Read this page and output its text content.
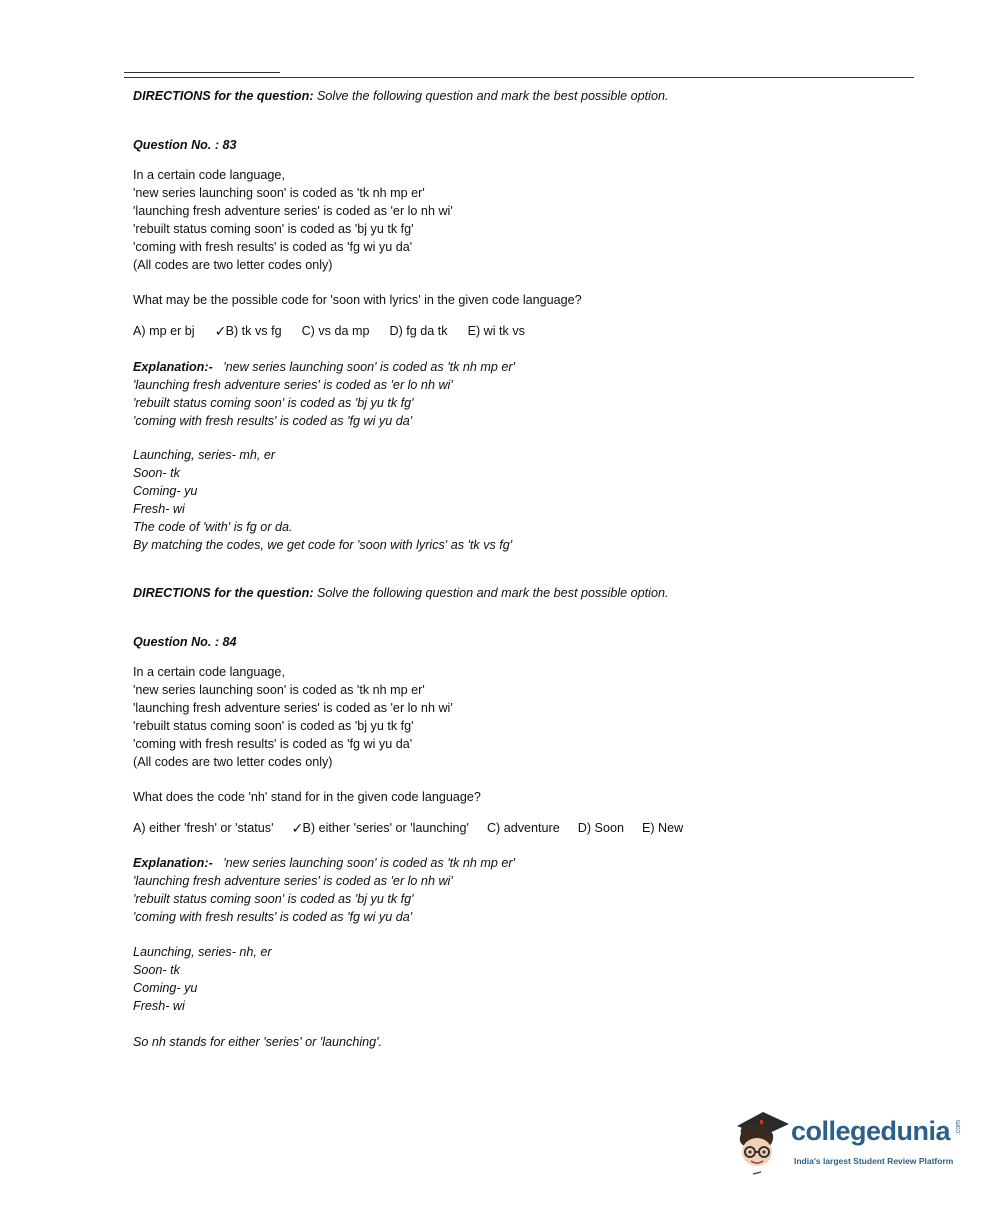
DIRECTIONS for the question: Solve the following question and mark the best possible option.
Question No. : 83
In a certain code language,
'new series launching soon' is coded as 'tk nh mp er'
'launching fresh adventure series' is coded as 'er lo nh wi'
'rebuilt status coming soon' is coded as 'bj yu tk fg'
'coming with fresh results' is coded as 'fg wi yu da'
(All codes are two letter codes only)
What may be the possible code for 'soon with lyrics' in the given code language?
A) mp er bj ✓ B) tk vs fg C) vs da mp D) fg da tk E) wi tk vs
Explanation:-   'new series launching soon' is coded as 'tk nh mp er'
'launching fresh adventure series' is coded as 'er lo nh wi'
'rebuilt status coming soon' is coded as 'bj yu tk fg'
'coming with fresh results' is coded as 'fg wi yu da'
Launching, series- mh, er
Soon- tk
Coming- yu
Fresh- wi
The code of 'with' is fg or da.
By matching the codes, we get code for 'soon with lyrics' as 'tk vs fg'
DIRECTIONS for the question: Solve the following question and mark the best possible option.
Question No. : 84
In a certain code language,
'new series launching soon' is coded as 'tk nh mp er'
'launching fresh adventure series' is coded as 'er lo nh wi'
'rebuilt status coming soon' is coded as 'bj yu tk fg'
'coming with fresh results' is coded as 'fg wi yu da'
(All codes are two letter codes only)
What does the code 'nh' stand for in the given code language?
A) either 'fresh' or 'status' ✓ B) either 'series' or 'launching' C) adventure D) Soon E) New
Explanation:-   'new series launching soon' is coded as 'tk nh mp er'
'launching fresh adventure series' is coded as 'er lo nh wi'
'rebuilt status coming soon' is coded as 'bj yu tk fg'
'coming with fresh results' is coded as 'fg wi yu da'
Launching, series- nh, er
Soon- tk
Coming- yu
Fresh- wi
So nh stands for either 'series' or 'launching'.
collegedunia .com
India's largest Student Review Platform
